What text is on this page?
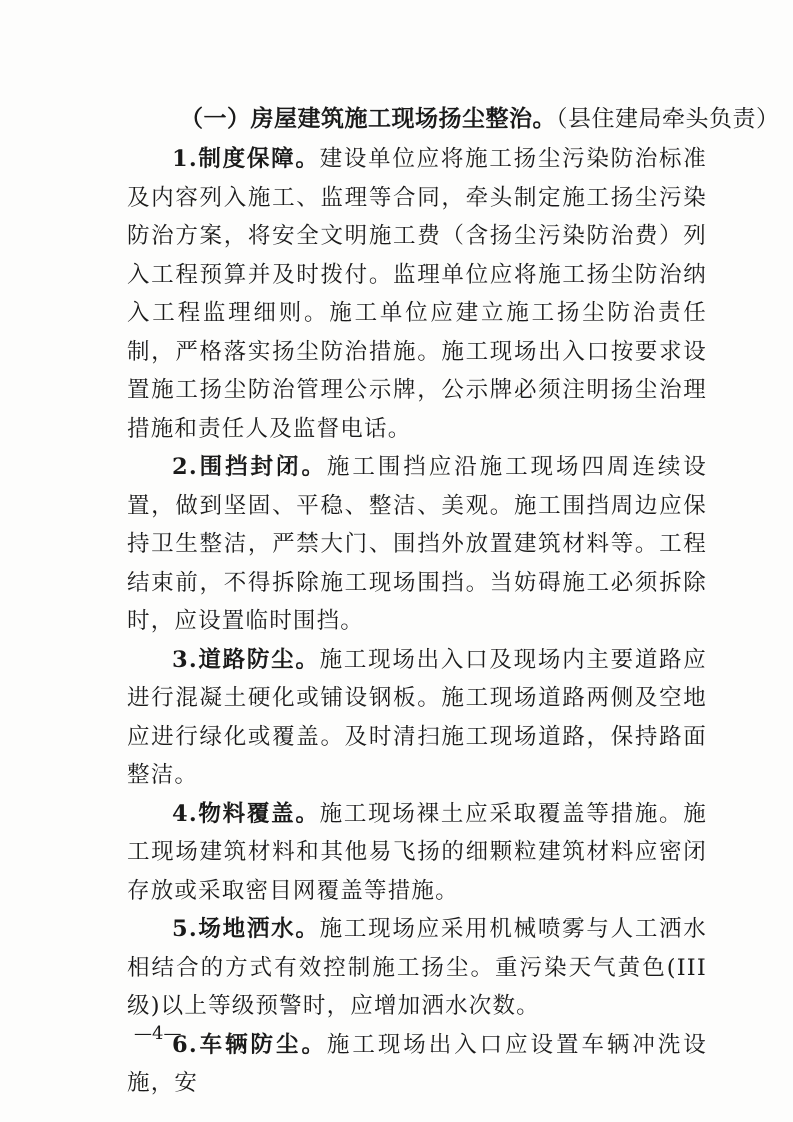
（一）房屋建筑施工现场扬尘整治。（县住建局牵头负责）

1.制度保障。建设单位应将施工扬尘污染防治标准及内容列入施工、监理等合同，牵头制定施工扬尘污染防治方案，将安全文明施工费（含扬尘污染防治费）列入工程预算并及时拨付。监理单位应将施工扬尘防治纳入工程监理细则。施工单位应建立施工扬尘防治责任制，严格落实扬尘防治措施。施工现场出入口按要求设置施工扬尘防治管理公示牌，公示牌必须注明扬尘治理措施和责任人及监督电话。

2.围挡封闭。施工围挡应沿施工现场四周连续设置，做到坚固、平稳、整洁、美观。施工围挡周边应保持卫生整洁，严禁大门、围挡外放置建筑材料等。工程结束前，不得拆除施工现场围挡。当妨碍施工必须拆除时，应设置临时围挡。

3.道路防尘。施工现场出入口及现场内主要道路应进行混凝土硬化或铺设钢板。施工现场道路两侧及空地应进行绿化或覆盖。及时清扫施工现场道路，保持路面整洁。

4.物料覆盖。施工现场裸土应采取覆盖等措施。施工现场建筑材料和其他易飞扬的细颗粒建筑材料应密闭存放或采取密目网覆盖等措施。

5.场地洒水。施工现场应采用机械喷雾与人工洒水相结合的方式有效控制施工扬尘。重污染天气黄色(III级)以上等级预警时，应增加洒水次数。

6.车辆防尘。施工现场出入口应设置车辆冲洗设施，安

—4—
